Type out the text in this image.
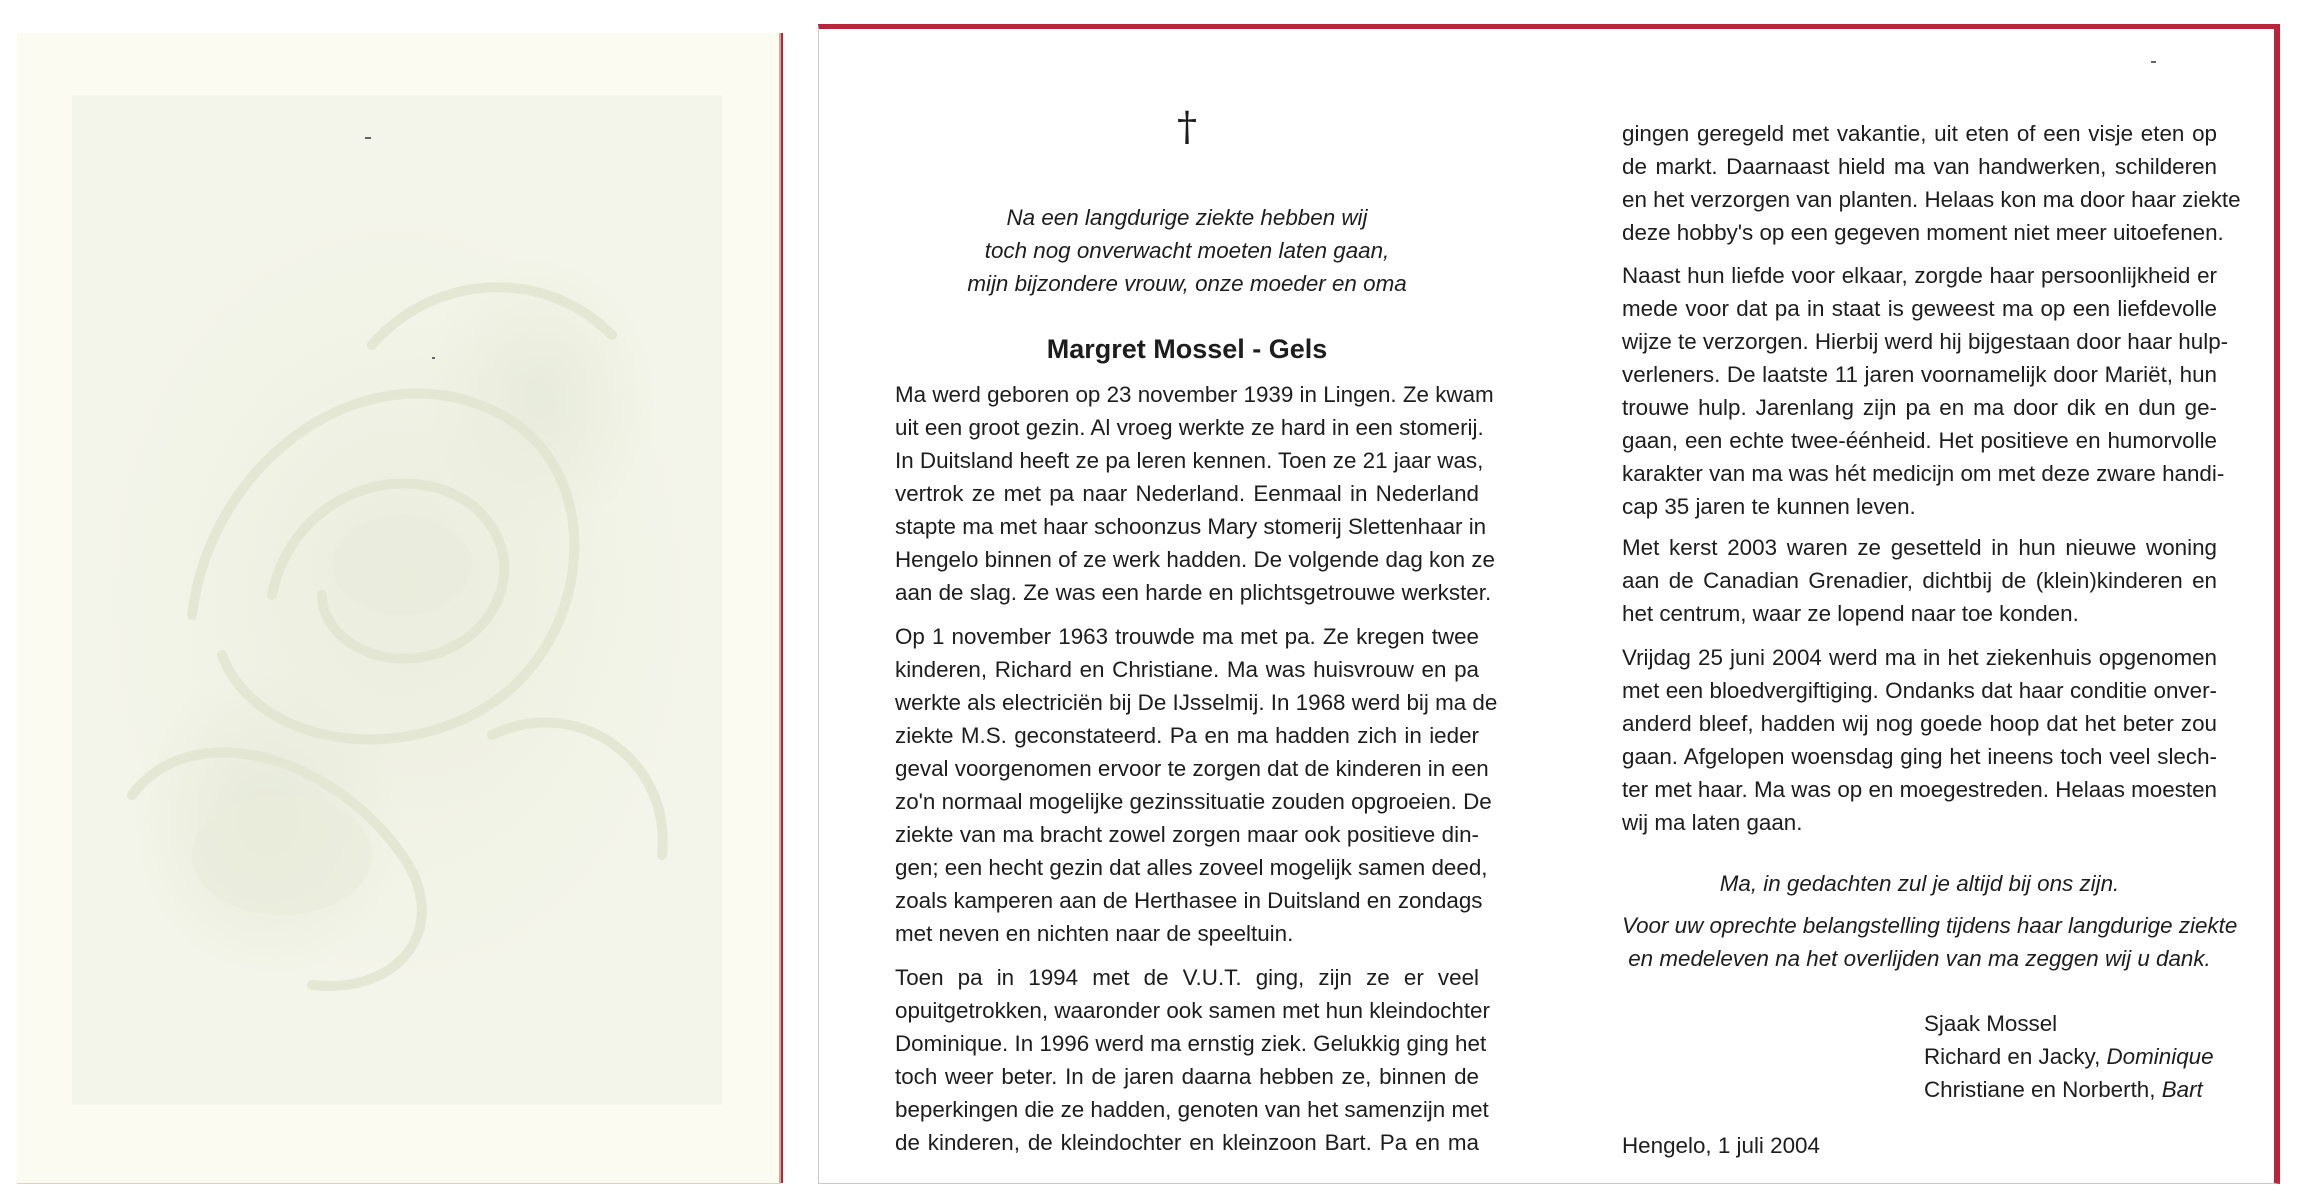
†
Na een langdurige ziekte hebben wij
toch nog onverwacht moeten laten gaan,
mijn bijzondere vrouw, onze moeder en oma
Margret Mossel - Gels
Ma werd geboren op 23 november 1939 in Lingen. Ze kwam
uit een groot gezin. Al vroeg werkte ze hard in een stomerij.
In Duitsland heeft ze pa leren kennen. Toen ze 21 jaar was,
vertrok ze met pa naar Nederland. Eenmaal in Nederland
stapte ma met haar schoonzus Mary stomerij Slettenhaar in
Hengelo binnen of ze werk hadden. De volgende dag kon ze
aan de slag. Ze was een harde en plichtsgetrouwe werkster.
Op 1 november 1963 trouwde ma met pa. Ze kregen twee
kinderen, Richard en Christiane. Ma was huisvrouw en pa
werkte als electriciën bij De IJsselmij. In 1968 werd bij ma de
ziekte M.S. geconstateerd. Pa en ma hadden zich in ieder
geval voorgenomen ervoor te zorgen dat de kinderen in een
zo'n normaal mogelijke gezinssituatie zouden opgroeien. De
ziekte van ma bracht zowel zorgen maar ook positieve din-
gen; een hecht gezin dat alles zoveel mogelijk samen deed,
zoals kamperen aan de Herthasee in Duitsland en zondags
met neven en nichten naar de speeltuin.
Toen pa in 1994 met de V.U.T. ging, zijn ze er veel
opuitgetrokken, waaronder ook samen met hun kleindochter
Dominique. In 1996 werd ma ernstig ziek. Gelukkig ging het
toch weer beter. In de jaren daarna hebben ze, binnen de
beperkingen die ze hadden, genoten van het samenzijn met
de kinderen, de kleindochter en kleinzoon Bart. Pa en ma
gingen geregeld met vakantie, uit eten of een visje eten op
de markt. Daarnaast hield ma van handwerken, schilderen
en het verzorgen van planten. Helaas kon ma door haar ziekte
deze hobby's op een gegeven moment niet meer uitoefenen.
Naast hun liefde voor elkaar, zorgde haar persoonlijkheid er
mede voor dat pa in staat is geweest ma op een liefdevolle
wijze te verzorgen. Hierbij werd hij bijgestaan door haar hulp-
verleners. De laatste 11 jaren voornamelijk door Mariët, hun
trouwe hulp. Jarenlang zijn pa en ma door dik en dun ge-
gaan, een echte twee-éénheid. Het positieve en humorvolle
karakter van ma was hét medicijn om met deze zware handi-
cap 35 jaren te kunnen leven.
Met kerst 2003 waren ze gesetteld in hun nieuwe woning
aan de Canadian Grenadier, dichtbij de (klein)kinderen en
het centrum, waar ze lopend naar toe konden.
Vrijdag 25 juni 2004 werd ma in het ziekenhuis opgenomen
met een bloedvergiftiging. Ondanks dat haar conditie onver-
anderd bleef, hadden wij nog goede hoop dat het beter zou
gaan. Afgelopen woensdag ging het ineens toch veel slech-
ter met haar. Ma was op en moegestreden. Helaas moesten
wij ma laten gaan.
Ma, in gedachten zul je altijd bij ons zijn.
Voor uw oprechte belangstelling tijdens haar langdurige ziekte
en medeleven na het overlijden van ma zeggen wij u dank.
Sjaak Mossel
Richard en Jacky, Dominique
Christiane en Norberth, Bart
Hengelo, 1 juli 2004
